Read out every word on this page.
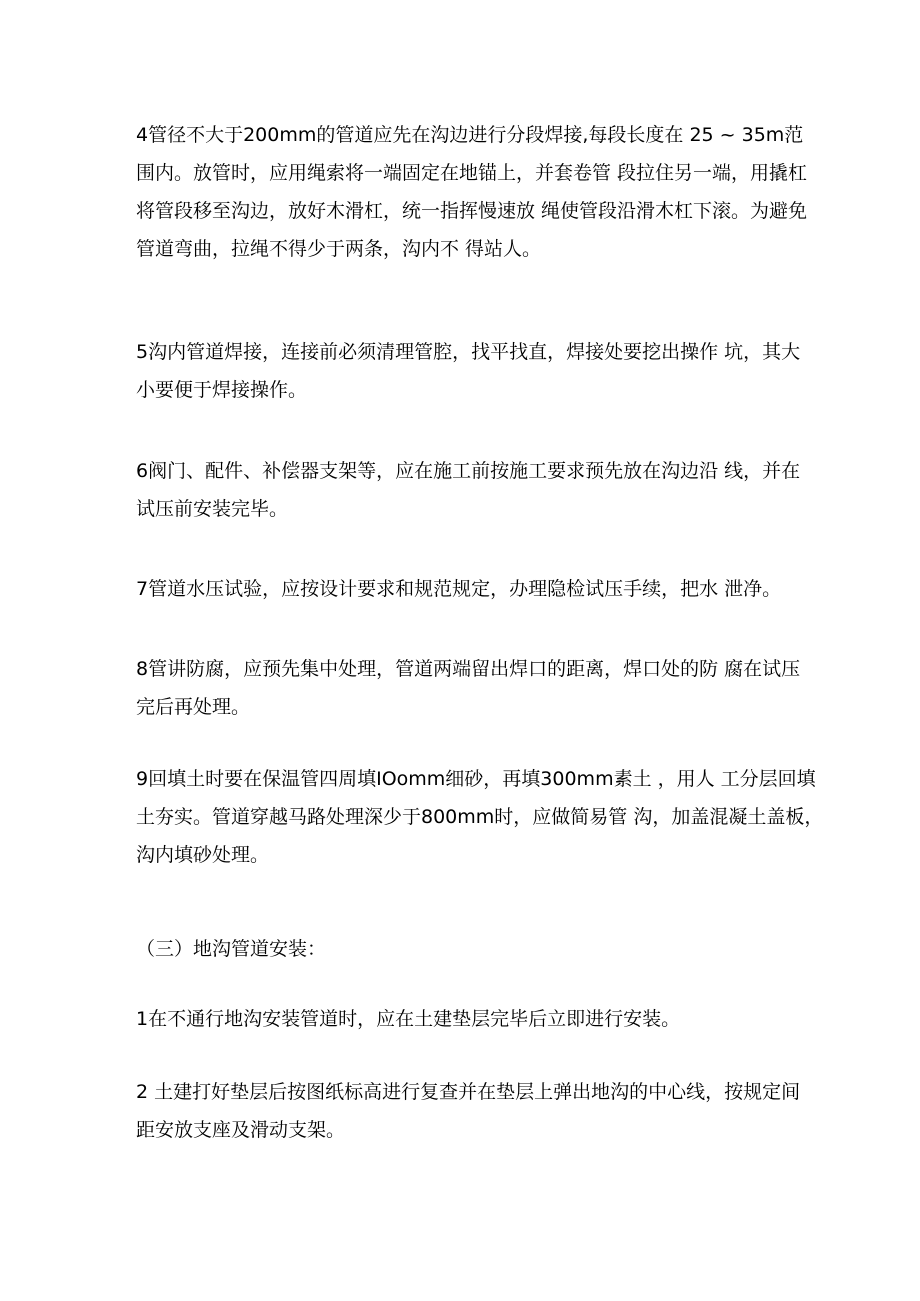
4管径不大于200mm的管道应先在沟边进行分段焊接,每段长度在 25 ~ 35m范
围内。放管时，应用绳索将一端固定在地锚上，并套卷管 段拉住另一端，用撬杠
将管段移至沟边，放好木滑杠，统一指挥慢速放 绳使管段沿滑木杠下滚。为避免
管道弯曲，拉绳不得少于两条，沟内不 得站人。
5沟内管道焊接，连接前必须清理管腔，找平找直，焊接处要挖出操作 坑，其大
小要便于焊接操作。
6阀门、配件、补偿器支架等，应在施工前按施工要求预先放在沟边沿 线，并在
试压前安装完毕。
7管道水压试验，应按设计要求和规范规定，办理隐检试压手续，把水 泄净。
8管讲防腐，应预先集中处理，管道两端留出焊口的距离，焊口处的防 腐在试压
完后再处理。
9回填土时要在保温管四周填IOomm细砂，再填300mm素土 ，用人 工分层回填
土夯实。管道穿越马路处理深少于800mm时，应做简易管 沟，加盖混凝土盖板，
沟内填砂处理。
（三）地沟管道安装：
1在不通行地沟安装管道时，应在土建垫层完毕后立即进行安装。
2 土建打好垫层后按图纸标高进行复查并在垫层上弹出地沟的中心线，按规定间
距安放支座及滑动支架。
